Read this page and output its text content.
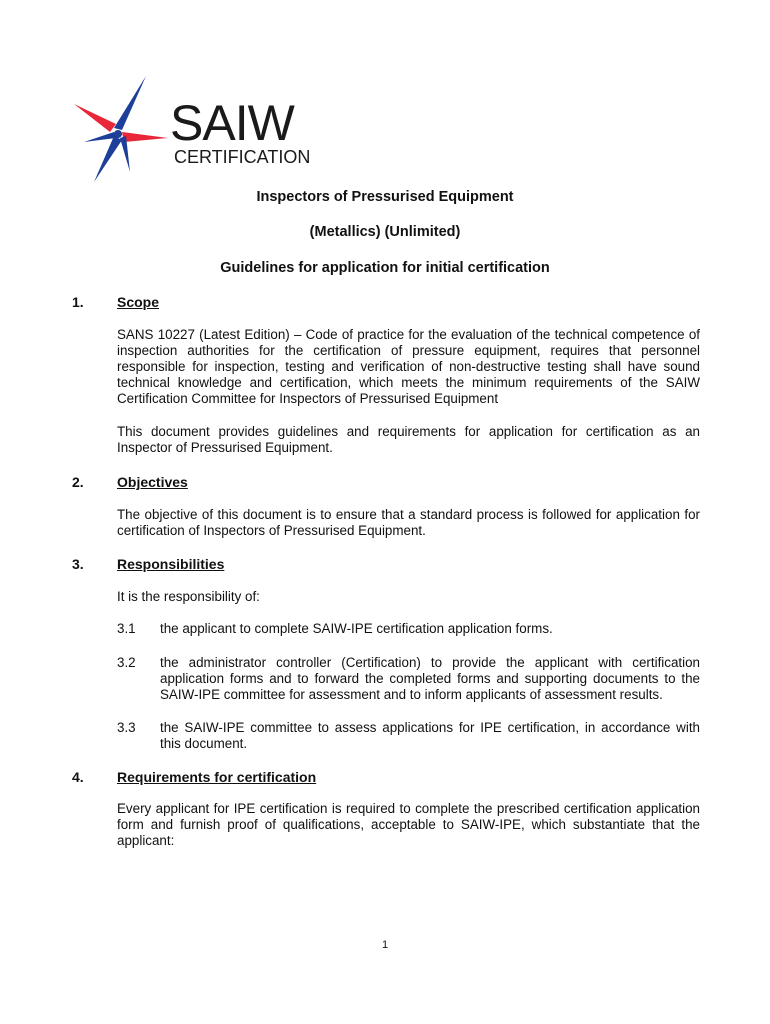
SAIW
CERTIFICATION
Inspectors of Pressurised Equipment
(Metallics) (Unlimited)
Guidelines for application for initial certification
1. Scope
SANS 10227 (Latest Edition) – Code of practice for the evaluation of the technical competence of inspection authorities for the certification of pressure equipment, requires that personnel responsible for inspection, testing and verification of non-destructive testing shall have sound technical knowledge and certification, which meets the minimum requirements of the SAIW Certification Committee for Inspectors of Pressurised Equipment
This document provides guidelines and requirements for application for certification as an Inspector of Pressurised Equipment.
2. Objectives
The objective of this document is to ensure that a standard process is followed for application for certification of Inspectors of Pressurised Equipment.
3. Responsibilities
It is the responsibility of:
3.1 the applicant to complete SAIW-IPE certification application forms.
3.2 the administrator controller (Certification) to provide the applicant with certification application forms and to forward the completed forms and supporting documents to the SAIW-IPE committee for assessment and to inform applicants of assessment results.
3.3 the SAIW-IPE committee to assess applications for IPE certification, in accordance with this document.
4. Requirements for certification
Every applicant for IPE certification is required to complete the prescribed certification application form and furnish proof of qualifications, acceptable to SAIW-IPE, which substantiate that the applicant:
1
